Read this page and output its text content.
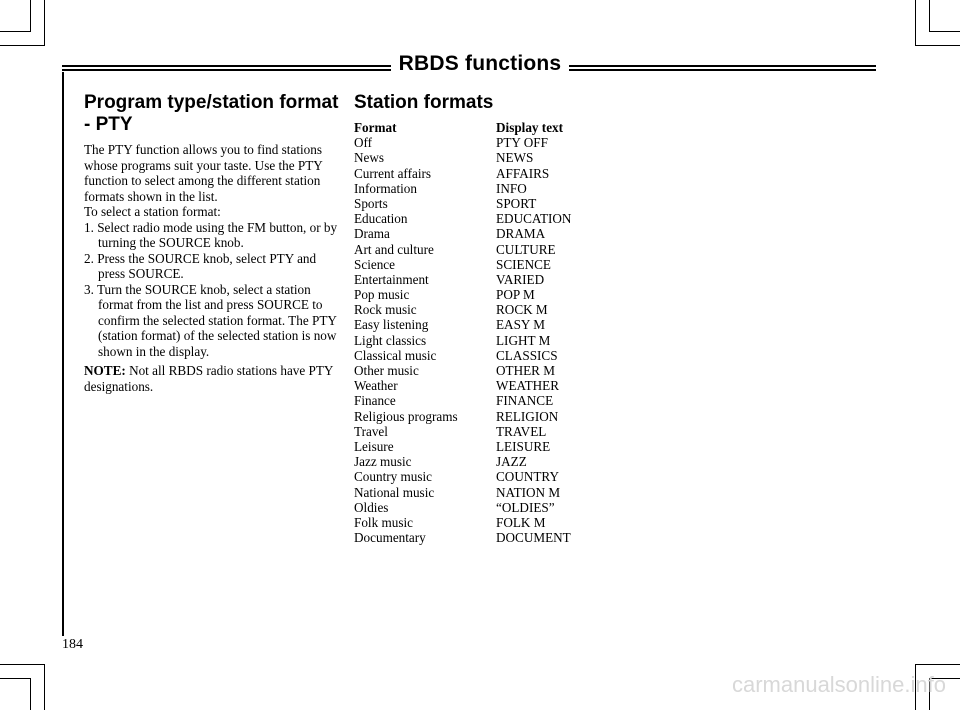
RBDS functions
Program type/station format - PTY

The PTY function allows you to find stations whose programs suit your taste. Use the PTY function to select among the different station formats shown in the list.

To select a station format:

1. Select radio mode using the FM button, or by turning the SOURCE knob.
2. Press the SOURCE knob, select PTY and press SOURCE.
3. Turn the SOURCE knob, select a station format from the list and press SOURCE to confirm the selected station format. The PTY (station format) of the selected station is now shown in the display.

NOTE: Not all RBDS radio stations have PTY designations.

Station formats
Format	Display text
Off	PTY OFF
News	NEWS
Current affairs	AFFAIRS
Information	INFO
Sports	SPORT
Education	EDUCATION
Drama	DRAMA
Art and culture	CULTURE
Science	SCIENCE
Entertainment	VARIED
Pop music	POP M
Rock music	ROCK M
Easy listening	EASY M
Light classics	LIGHT M
Classical music	CLASSICS
Other music	OTHER M
Weather	WEATHER
Finance	FINANCE
Religious programs	RELIGION
Travel	TRAVEL
Leisure	LEISURE
Jazz music	JAZZ
Country music	COUNTRY
National music	NATION M
Oldies	“OLDIES”
Folk music	FOLK M
Documentary	DOCUMENT
184
carmanualsonline.info
